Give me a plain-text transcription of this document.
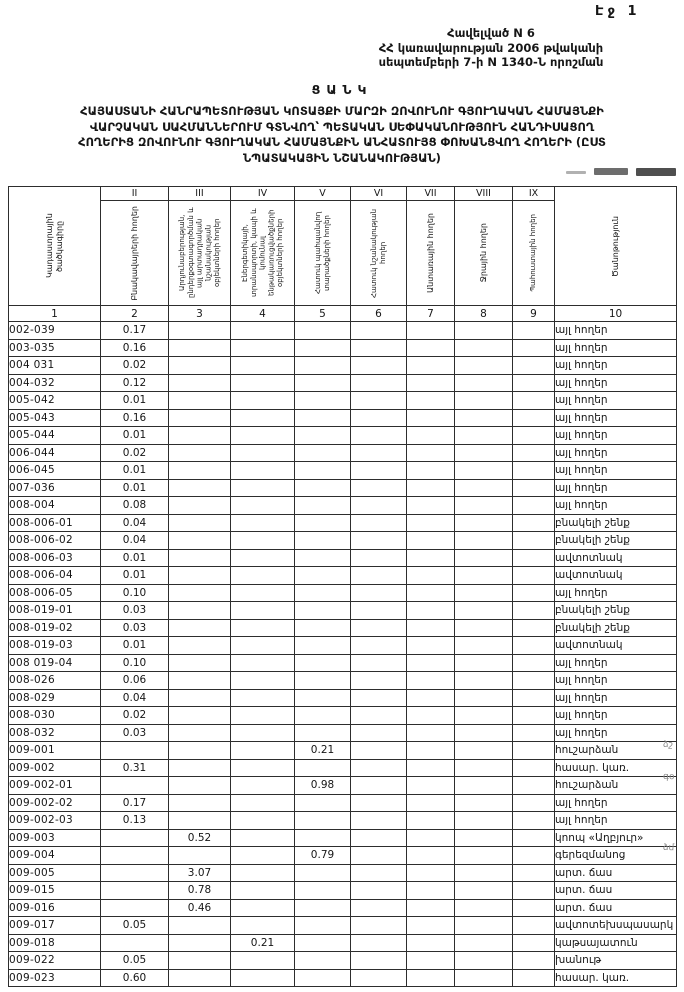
Էջ 1
Հավելված N 6
ՀՀ կառավարության 2006 թվականի
սեպտեմբերի 7-ի N 1340-Ն որոշման
ՑԱՆԿ
ՀԱՅԱՍՏԱՆԻ ՀԱՆՐԱՊԵՏՈՒԹՅԱՆ ԿՈՏԱՅՔԻ ՄԱՐԶԻ ԶՈՎՈՒՆՈՒ ԳՅՈՒՂԱԿԱՆ ՀԱՄԱՅՆՔԻ
ՎԱՐՉԱԿԱՆ ՍԱՀՄԱՆՆԵՐՈՒՄ ԳՏՆՎՈՂ՝ ՊԵՏԱԿԱՆ ՍԵՓԱԿԱՆՈՒԹՅՈՒՆ ՀԱՆԴԻՍԱՑՈՂ
ՀՈՂԵՐԻՑ ԶՈՎՈՒՆՈՒ ԳՅՈՒՂԱԿԱՆ ՀԱՄԱՅՆՔԻՆ ԱՆՀԱՏՈՒՅՑ ՓՈԽԱՆՑՎՈՂ ՀՈՂԵՐԻ (ԸՍՏ
ՆՊԱՏԱԿԱՅԻՆ ՆՇԱՆԱԿՈՒԹՅԱՆ)
Կադաստրային ծածկագիրը	II	III	IV	V	VI	VII	VIII	IX	Ծանոթություն

	Բնակավայրերի հողեր	Արդյունաբերության, ընդերքօգտագործման և այլ արտադրական նշանակության օբյեկտների հողեր	Էներգետիկայի, տրանսպորտի, կապի և կոմունալ ենթակառուցվածքների օբյեկտների հողեր	Հատուկ պահպանվող տարածքների հողեր	Հատուկ նշանակության հողեր	Անտառային հողեր	Ջրային հողեր	Պահուստային հողեր	

1	2	3	4	5	6	7	8	9	10
002-039	0.17								այլ հողեր
003-035	0.16								այլ հողեր
004 031	0.02								այլ հողեր
004-032	0.12								այլ հողեր
005-042	0.01								այլ հողեր
005-043	0.16								այլ հողեր
005-044	0.01								այլ հողեր
006-044	0.02								այլ հողեր
006-045	0.01								այլ հողեր
007-036	0.01								այլ հողեր
008-004	0.08								այլ հողեր
008-006-01	0.04								բնակելի շենք
008-006-02	0.04								բնակելի շենք
008-006-03	0.01								ավտոտնակ
008-006-04	0.01								ավտոտնակ
008-006-05	0.10								այլ հողեր
008-019-01	0.03								բնակելի շենք
008-019-02	0.03								բնակելի շենք
008-019-03	0.01								ավտոտնակ
008 019-04	0.10								այլ հողեր
008-026	0.06								այլ հողեր
008-029	0.04								այլ հողեր
008-030	0.02								այլ հողեր
008-032	0.03								այլ հողեր
009-001				0.21					հուշարձան
009-002	0.31								հասար. կառ.
009-002-01				0.98					հուշարձան
009-002-02	0.17								այլ հողեր
009-002-03	0.13								այլ հողեր
009-003		0.52							կոոպ «Աղբյուր»
009-004				0.79					գերեզմանոց
009-005		3.07							արտ. ճաս
009-015		0.78							արտ. ճաս
009-016		0.46							արտ. ճաս
009-017	0.05								ավտոտեխսպասարկ
009-018			0.21						կաթսայատուն
009-022	0.05								խանութ
009-023	0.60								հասար. կառ.
ձշ
գօ
ձմ
